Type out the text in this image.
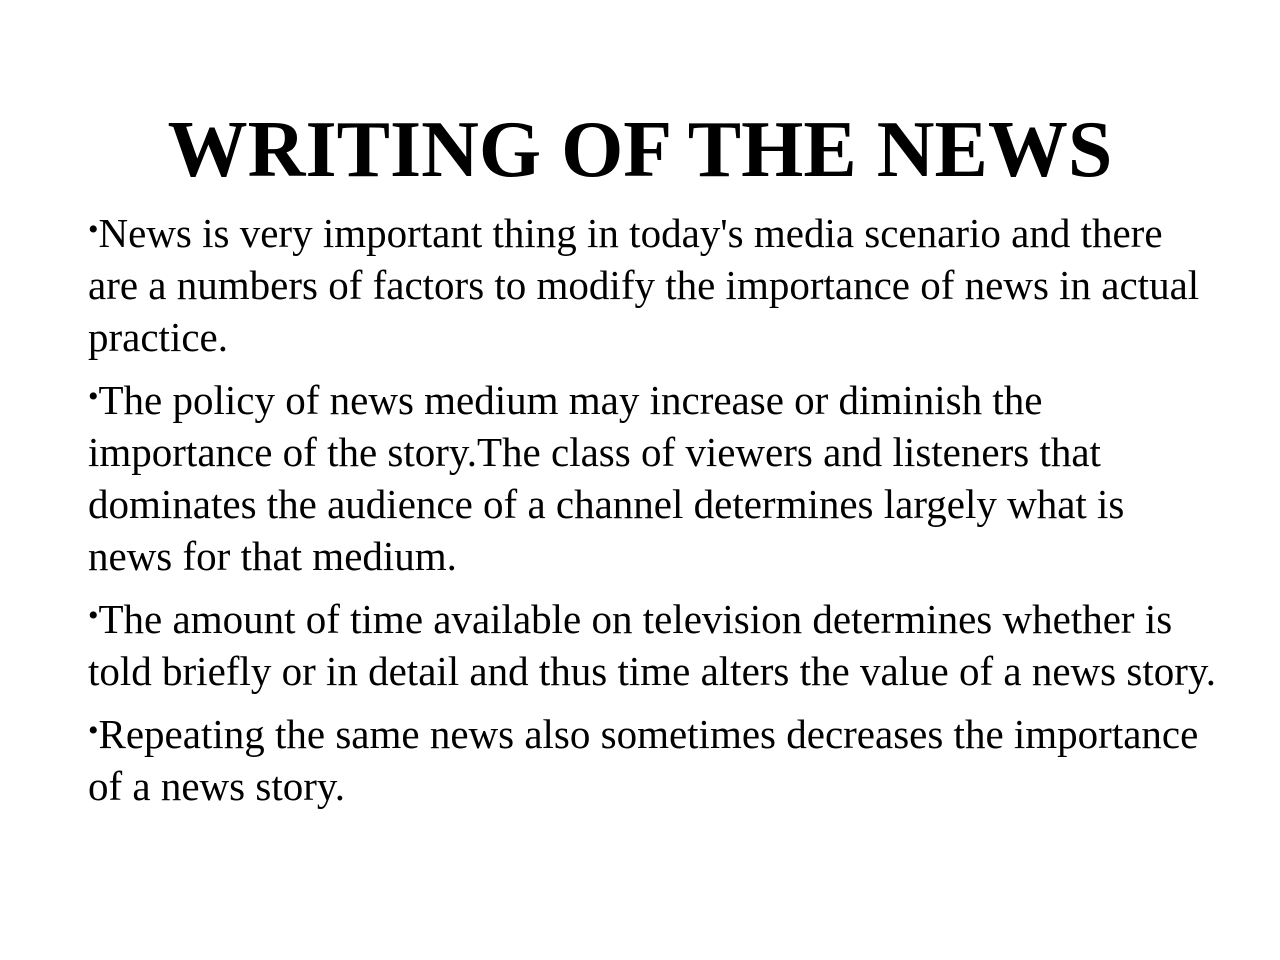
WRITING OF THE NEWS
•News is very important thing in today's media scenario and there are a numbers of factors to modify the importance of news in actual practice.
•The policy of news medium may increase or diminish the importance of the story.The class of viewers and listeners that dominates the audience of a channel determines largely what is news for that medium.
•The amount of time available on television determines whether is told briefly or in detail and thus time alters the value of a news story.
•Repeating the same news also sometimes decreases the importance of a news story.
